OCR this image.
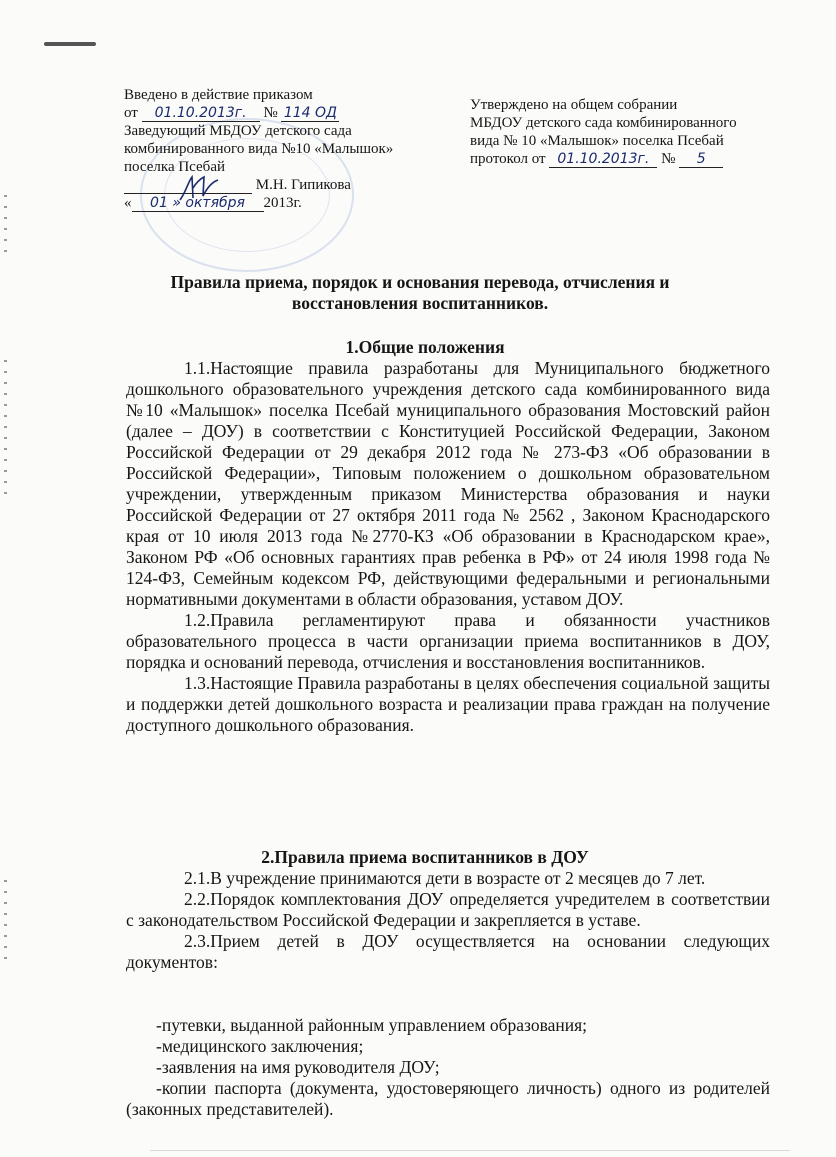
Введено в действие приказом
от 01.10.2013г. № 114 ОД
Заведующий МБДОУ детского сада
комбинированного вида №10 «Малышок»
поселка Псебай
М.Н. Гипикова
« 01 » октября 2013г.
Утверждено на общем собрании
МБДОУ детского сада комбинированного
вида № 10 «Малышок» поселка Псебай
протокол от 01.10.2013г. № 5
Правила приема, порядок и основания перевода, отчисления и восстановления воспитанников.
1.Общие положения

1.1.Настоящие правила разработаны для Муниципального бюджетного дошкольного образовательного учреждения детского сада комбинированного вида №10 «Малышок» поселка Псебай муниципального образования Мостовский район (далее – ДОУ) в соответствии с Конституцией Российской Федерации, Законом Российской Федерации от 29 декабря 2012 года № 273-ФЗ «Об образовании в Российской Федерации», Типовым положением о дошкольном образовательном учреждении, утвержденным приказом Министерства образования и науки Российской Федерации от 27 октября 2011 года № 2562 , Законом Краснодарского края от 10 июля 2013 года №2770-КЗ «Об образовании в Краснодарском крае», Законом РФ «Об основных гарантиях прав ребенка в РФ» от 24 июля 1998 года № 124-ФЗ, Семейным кодексом РФ, действующими федеральными и региональными нормативными документами в области образования, уставом ДОУ.

1.2.Правила регламентируют права и обязанности участников образовательного процесса в части организации приема воспитанников в ДОУ, порядка и оснований перевода, отчисления и восстановления воспитанников.

1.3.Настоящие Правила разработаны в целях обеспечения социальной защиты и поддержки детей дошкольного возраста и реализации права граждан на получение доступного дошкольного образования.

2.Правила приема воспитанников в ДОУ

2.1.В учреждение принимаются дети в возрасте от 2 месяцев до 7 лет.

2.2.Порядок комплектования ДОУ определяется учредителем в соответствии с законодательством Российской Федерации и закрепляется в уставе.

2.3.Прием детей в ДОУ осуществляется на основании следующих документов:

-путевки, выданной районным управлением образования;
-медицинского заключения;
-заявления на имя руководителя ДОУ;
-копии паспорта (документа, удостоверяющего личность) одного из родителей (законных представителей).
